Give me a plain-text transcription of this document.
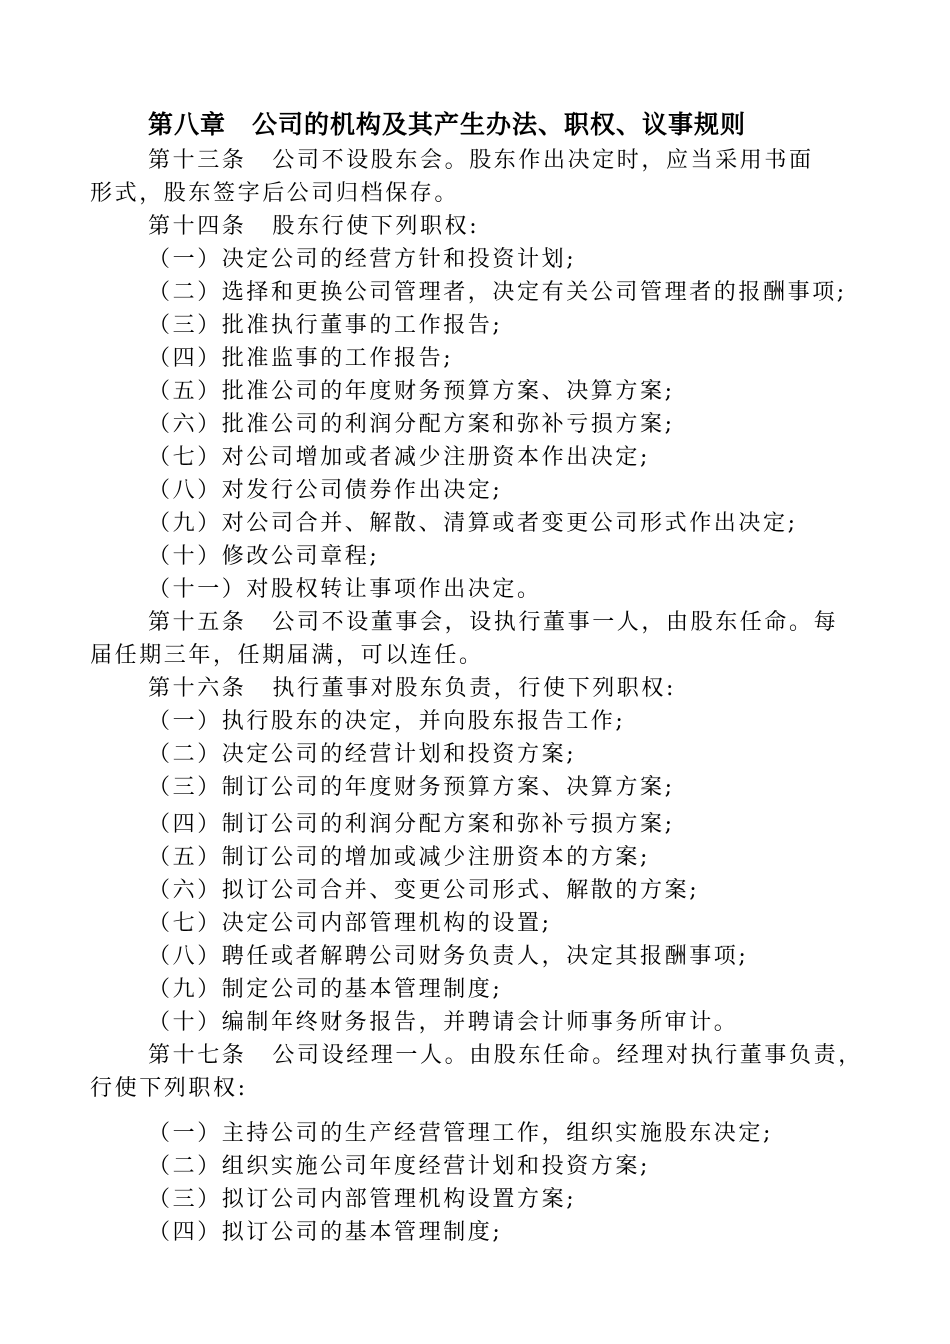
第八章　公司的机构及其产生办法、职权、议事规则
第十三条 公司不设股东会。股东作出决定时，应当采用书面
形式，股东签字后公司归档保存。
第十四条 股东行使下列职权:
（一）决定公司的经营方针和投资计划;
（二）选择和更换公司管理者，决定有关公司管理者的报酬事项;
（三）批准执行董事的工作报告;
（四）批准监事的工作报告;
（五）批准公司的年度财务预算方案、决算方案;
（六）批准公司的利润分配方案和弥补亏损方案;
（七）对公司增加或者减少注册资本作出决定;
（八）对发行公司债券作出决定;
（九）对公司合并、解散、清算或者变更公司形式作出决定;
（十）修改公司章程;
（十一）对股权转让事项作出决定。
第十五条 公司不设董事会，设执行董事一人，由股东任命。每
届任期三年，任期届满，可以连任。
第十六条 执行董事对股东负责，行使下列职权:
（一）执行股东的决定，并向股东报告工作;
（二）决定公司的经营计划和投资方案;
（三）制订公司的年度财务预算方案、决算方案;
（四）制订公司的利润分配方案和弥补亏损方案;
（五）制订公司的增加或减少注册资本的方案;
（六）拟订公司合并、变更公司形式、解散的方案;
（七）决定公司内部管理机构的设置;
（八）聘任或者解聘公司财务负责人，决定其报酬事项;
（九）制定公司的基本管理制度;
（十）编制年终财务报告，并聘请会计师事务所审计。
第十七条 公司设经理一人。由股东任命。经理对执行董事负责，
行使下列职权:
（一）主持公司的生产经营管理工作，组织实施股东决定;
（二）组织实施公司年度经营计划和投资方案;
（三）拟订公司内部管理机构设置方案;
（四）拟订公司的基本管理制度;
